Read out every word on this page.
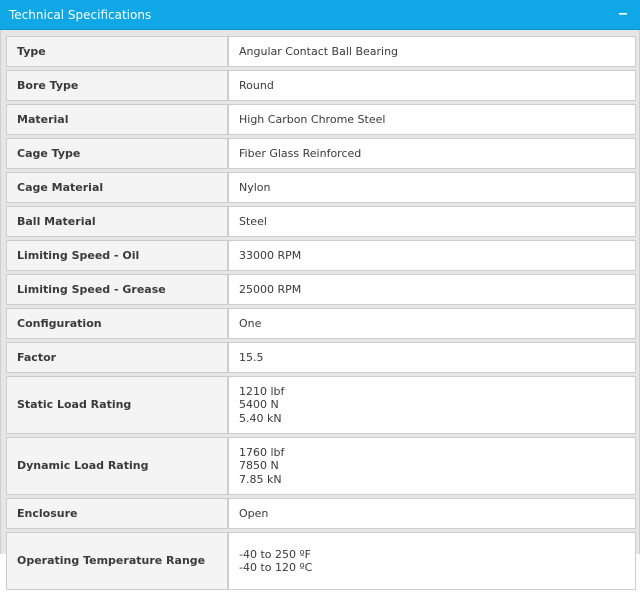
Technical Specifications
Type	Angular Contact Ball Bearing

Bore Type	Round

Material	High Carbon Chrome Steel

Cage Type	Fiber Glass Reinforced

Cage Material	Nylon

Ball Material	Steel

Limiting Speed - Oil	33000 RPM

Limiting Speed - Grease	25000 RPM

Configuration	One

Factor	15.5

Static Load Rating	1210 lbf
5400 N
5.40 kN

Dynamic Load Rating	1760 lbf
7850 N
7.85 kN

Enclosure	Open

Operating Temperature Range	-40 to 250 ºF
-40 to 120 ºC
